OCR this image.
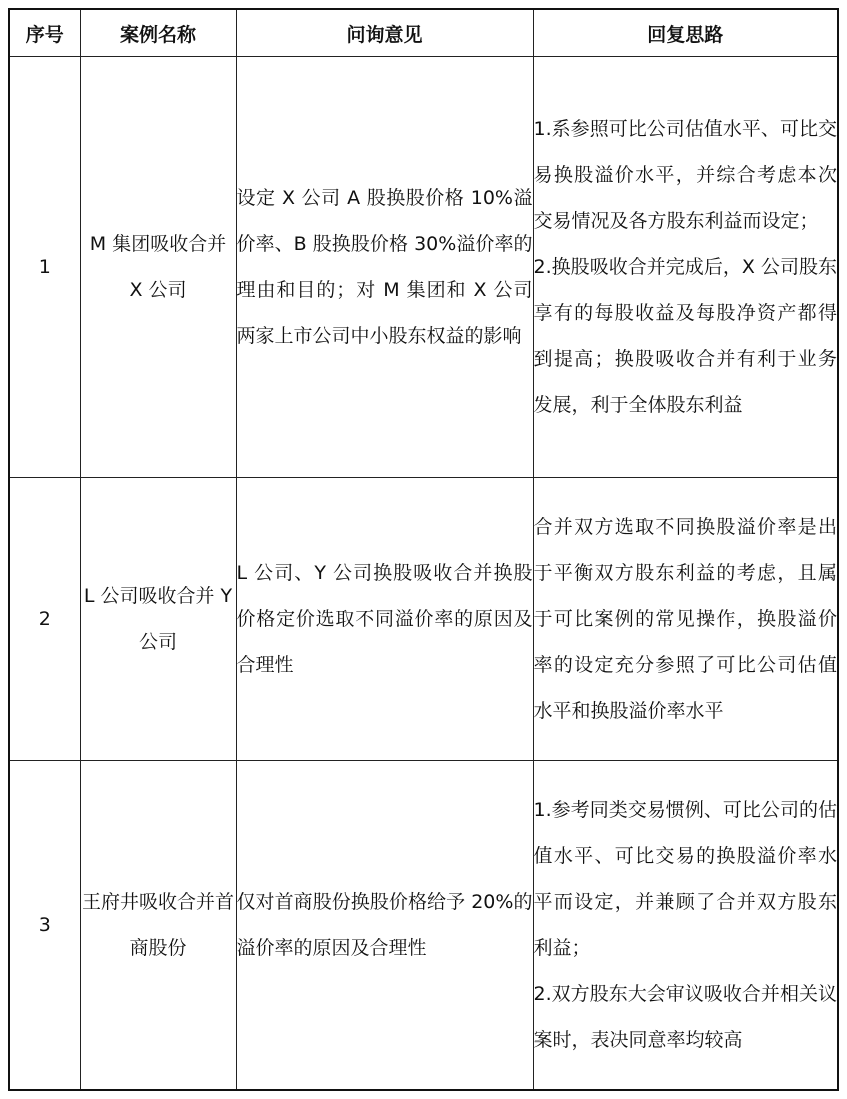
序号	案例名称	问询意见	回复思路
1	M 集团吸收合并 X 公司	设定 X 公司 A 股换股价格 10%溢价率、B 股换股价格 30%溢价率的理由和目的；对 M 集团和 X 公司两家上市公司中小股东权益的影响	1.系参照可比公司估值水平、可比交易换股溢价水平，并综合考虑本次交易情况及各方股东利益而设定；
2.换股吸收合并完成后，X 公司股东享有的每股收益及每股净资产都得到提高；换股吸收合并有利于业务发展，利于全体股东利益

2	L 公司吸收合并 Y 公司	L 公司、Y 公司换股吸收合并换股价格定价选取不同溢价率的原因及合理性	合并双方选取不同换股溢价率是出于平衡双方股东利益的考虑，且属于可比案例的常见操作，换股溢价率的设定充分参照了可比公司估值水平和换股溢价率水平

3	王府井吸收合并首商股份	仅对首商股份换股价格给予 20%的溢价率的原因及合理性	1.参考同类交易惯例、可比公司的估值水平、可比交易的换股溢价率水平而设定，并兼顾了合并双方股东利益；
2.双方股东大会审议吸收合并相关议案时，表决同意率均较高
